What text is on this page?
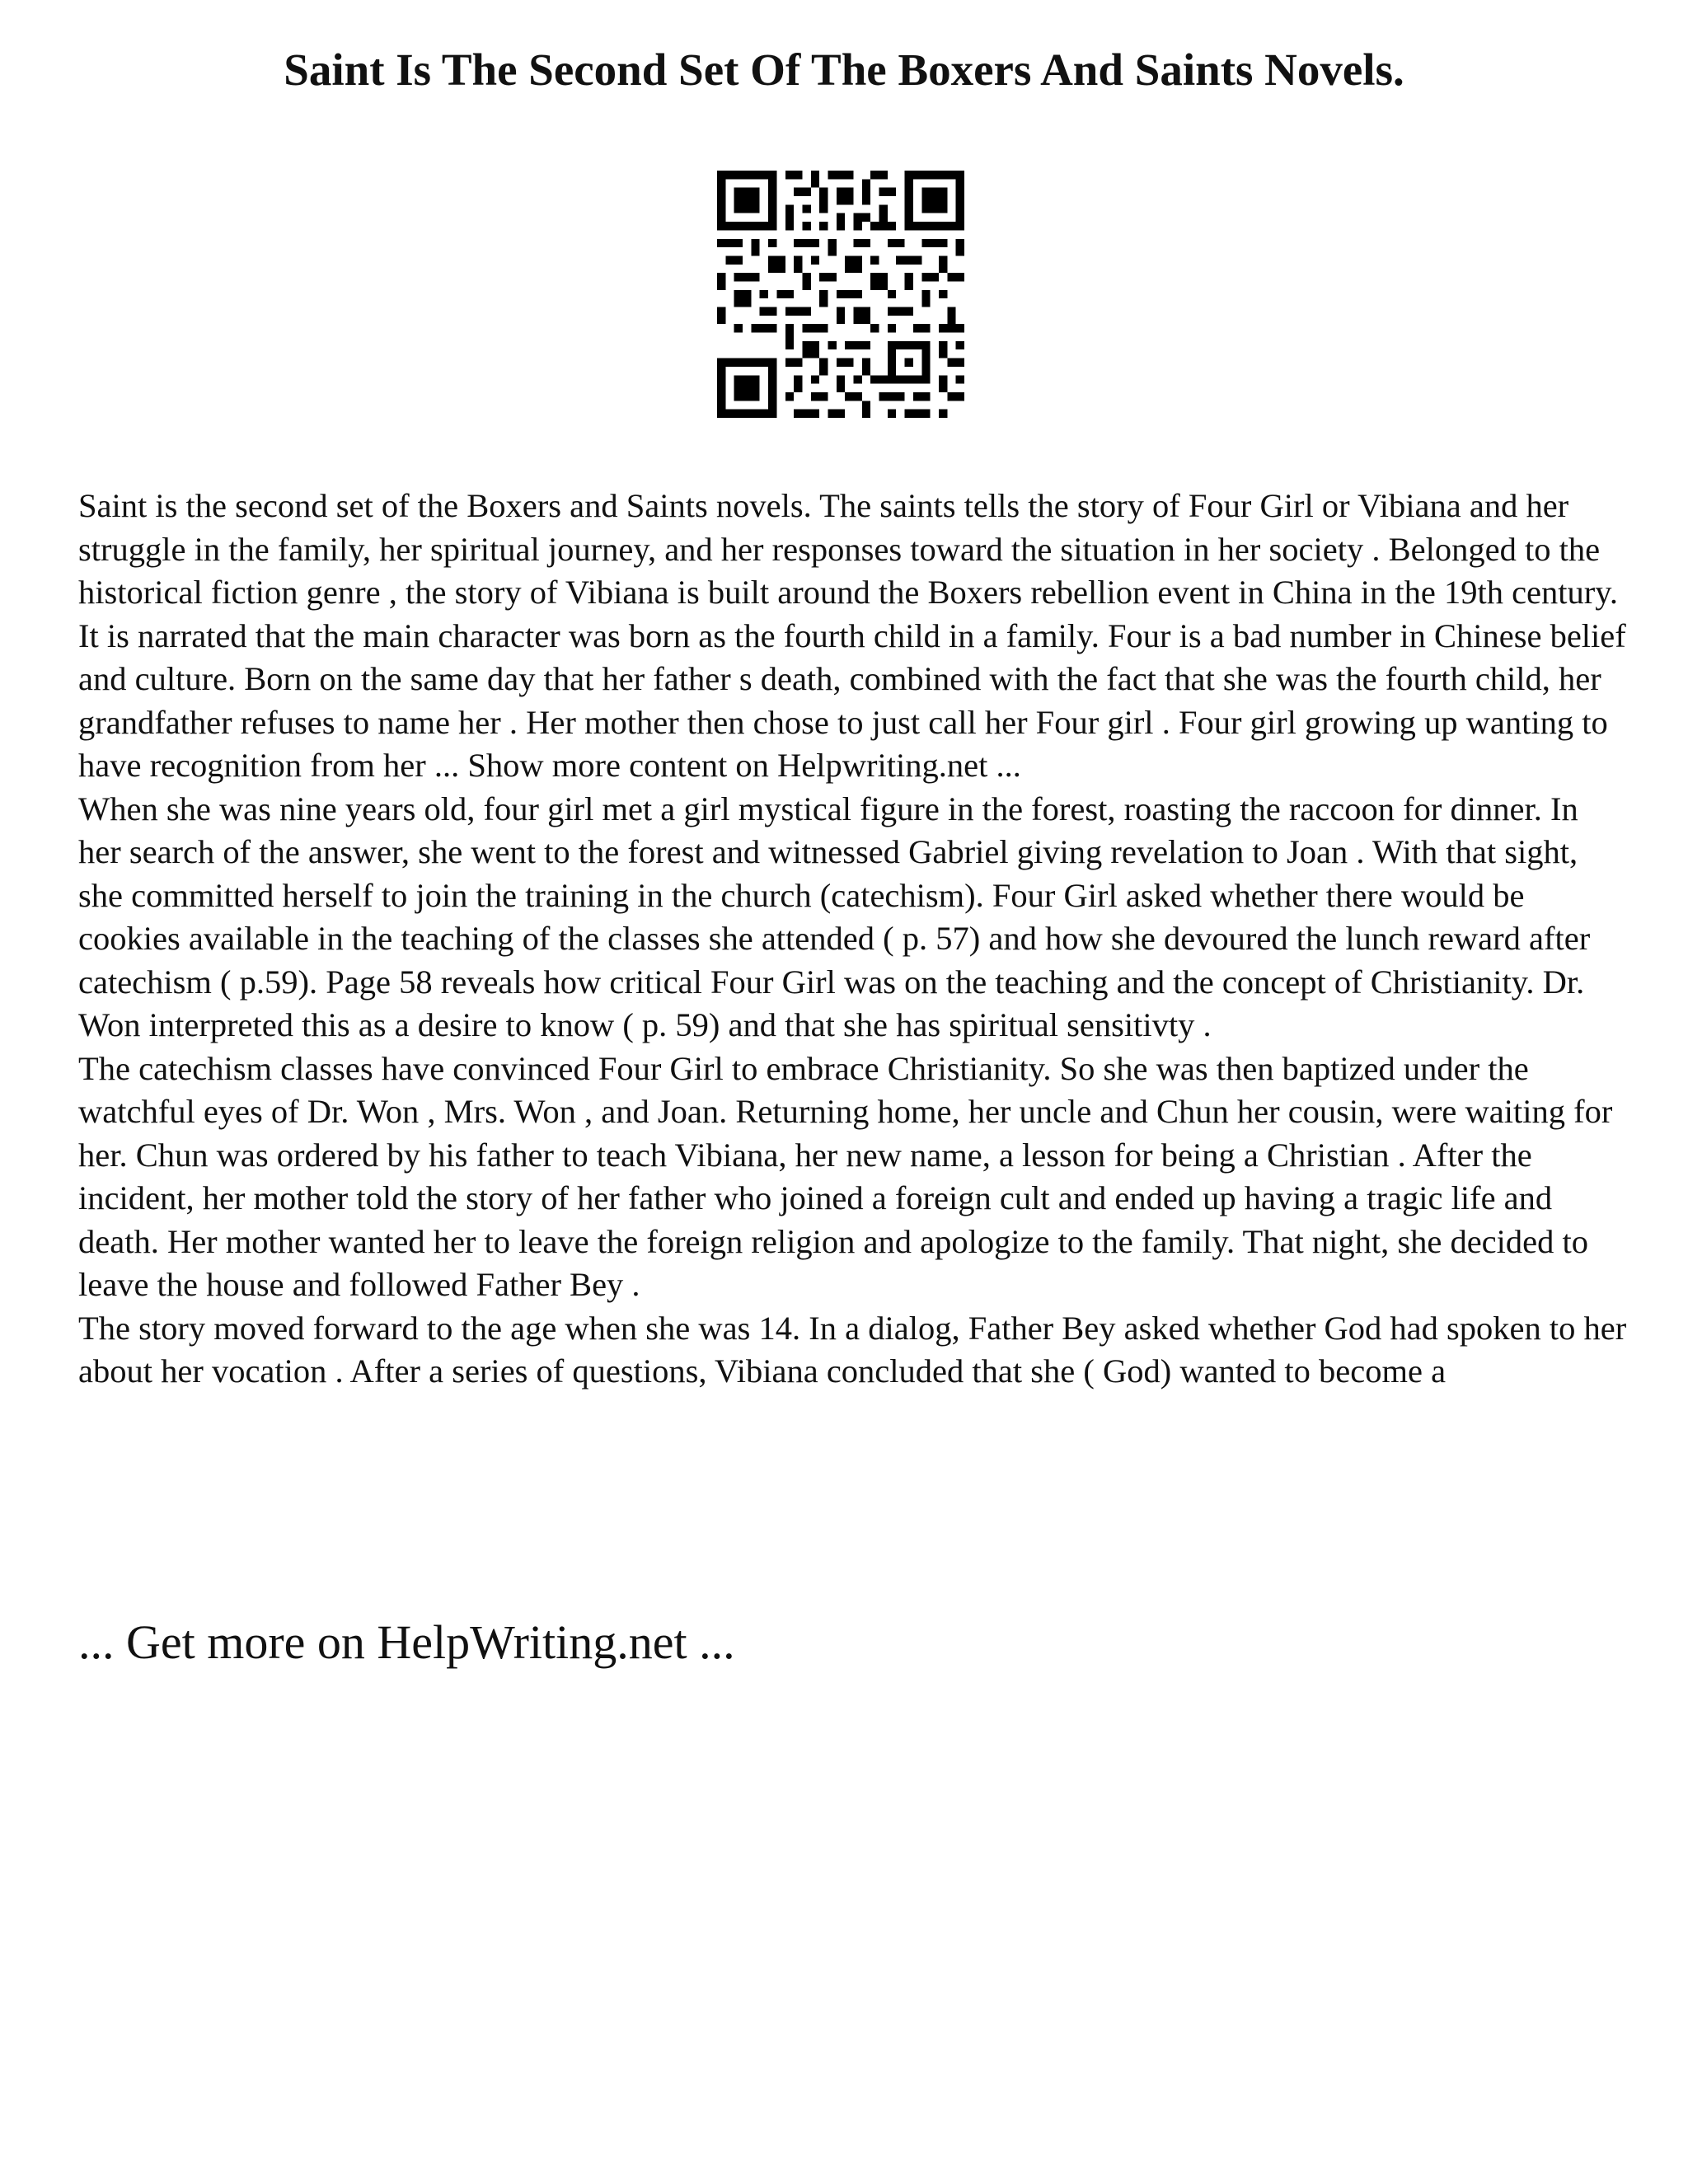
Saint Is The Second Set Of The Boxers And Saints Novels.

Saint is the second set of the Boxers and Saints novels. The saints tells the story of Four Girl or Vibiana and her struggle in the family, her spiritual journey, and her responses toward the situation in her society . Belonged to the historical fiction genre , the story of Vibiana is built around the Boxers rebellion event in China in the 19th century.

It is narrated that the main character was born as the fourth child in a family. Four is a bad number in Chinese belief and culture. Born on the same day that her father s death, combined with the fact that she was the fourth child, her grandfather refuses to name her . Her mother then chose to just call her Four girl . Four girl growing up wanting to have recognition from her ... Show more content on Helpwriting.net ...

When she was nine years old, four girl met a girl mystical figure in the forest, roasting the raccoon for dinner. In her search of the answer, she went to the forest and witnessed Gabriel giving revelation to Joan . With that sight, she committed herself to join the training in the church (catechism). Four Girl asked whether there would be cookies available in the teaching of the classes she attended ( p. 57) and how she devoured the lunch reward after catechism ( p.59). Page 58 reveals how critical Four Girl was on the teaching and the concept of Christianity. Dr. Won interpreted this as a desire to know ( p. 59) and that she has spiritual sensitivty .

The catechism classes have convinced Four Girl to embrace Christianity. So she was then baptized under the watchful eyes of Dr. Won , Mrs. Won , and Joan. Returning home, her uncle and Chun her cousin, were waiting for her. Chun was ordered by his father to teach Vibiana, her new name, a lesson for being a Christian . After the incident, her mother told the story of her father who joined a foreign cult and ended up having a tragic life and death. Her mother wanted her to leave the foreign religion and apologize to the family. That night, she decided to leave the house and followed Father Bey .

The story moved forward to the age when she was 14. In a dialog, Father Bey asked whether God had spoken to her about her vocation . After a series of questions, Vibiana concluded that she ( God) wanted to become a

... Get more on HelpWriting.net ...
